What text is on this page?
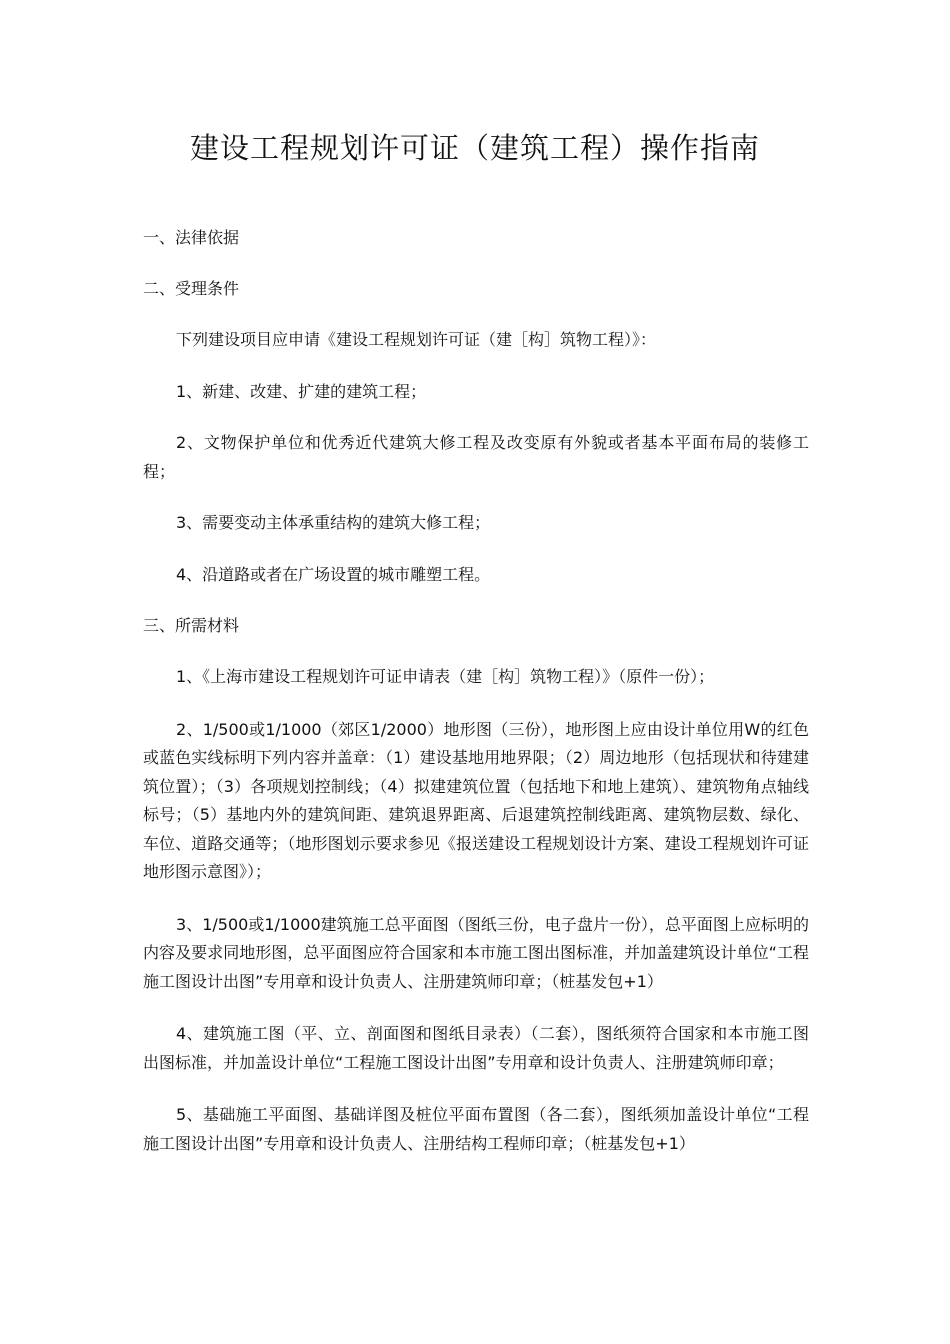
建设工程规划许可证（建筑工程）操作指南
一、法律依据
二、受理条件

下列建设项目应申请《建设工程规划许可证（建［构］筑物工程）》：

1、新建、改建、扩建的建筑工程；

2、文物保护单位和优秀近代建筑大修工程及改变原有外貌或者基本平面布局的装修工程；

3、需要变动主体承重结构的建筑大修工程；

4、沿道路或者在广场设置的城市雕塑工程。

三、所需材料

1、《上海市建设工程规划许可证申请表（建［构］筑物工程）》（原件一份）；

2、1/500或1/1000（郊区1/2000）地形图（三份），地形图上应由设计单位用W的红色或蓝色实线标明下列内容并盖章：（1）建设基地用地界限；（2）周边地形（包括现状和待建建筑位置）；（3）各项规划控制线；（4）拟建建筑位置（包括地下和地上建筑）、建筑物角点轴线标号；（5）基地内外的建筑间距、建筑退界距离、后退建筑控制线距离、建筑物层数、绿化、车位、道路交通等；（地形图划示要求参见《报送建设工程规划设计方案、建设工程规划许可证地形图示意图》）；

3、1/500或1/1000建筑施工总平面图（图纸三份，电子盘片一份），总平面图上应标明的内容及要求同地形图，总平面图应符合国家和本市施工图出图标准，并加盖建筑设计单位“工程施工图设计出图”专用章和设计负责人、注册建筑师印章；（桩基发包+1）

4、建筑施工图（平、立、剖面图和图纸目录表）（二套），图纸须符合国家和本市施工图出图标准，并加盖设计单位“工程施工图设计出图”专用章和设计负责人、注册建筑师印章；

5、基础施工平面图、基础详图及桩位平面布置图（各二套），图纸须加盖设计单位“工程施工图设计出图”专用章和设计负责人、注册结构工程师印章；（桩基发包+1）
